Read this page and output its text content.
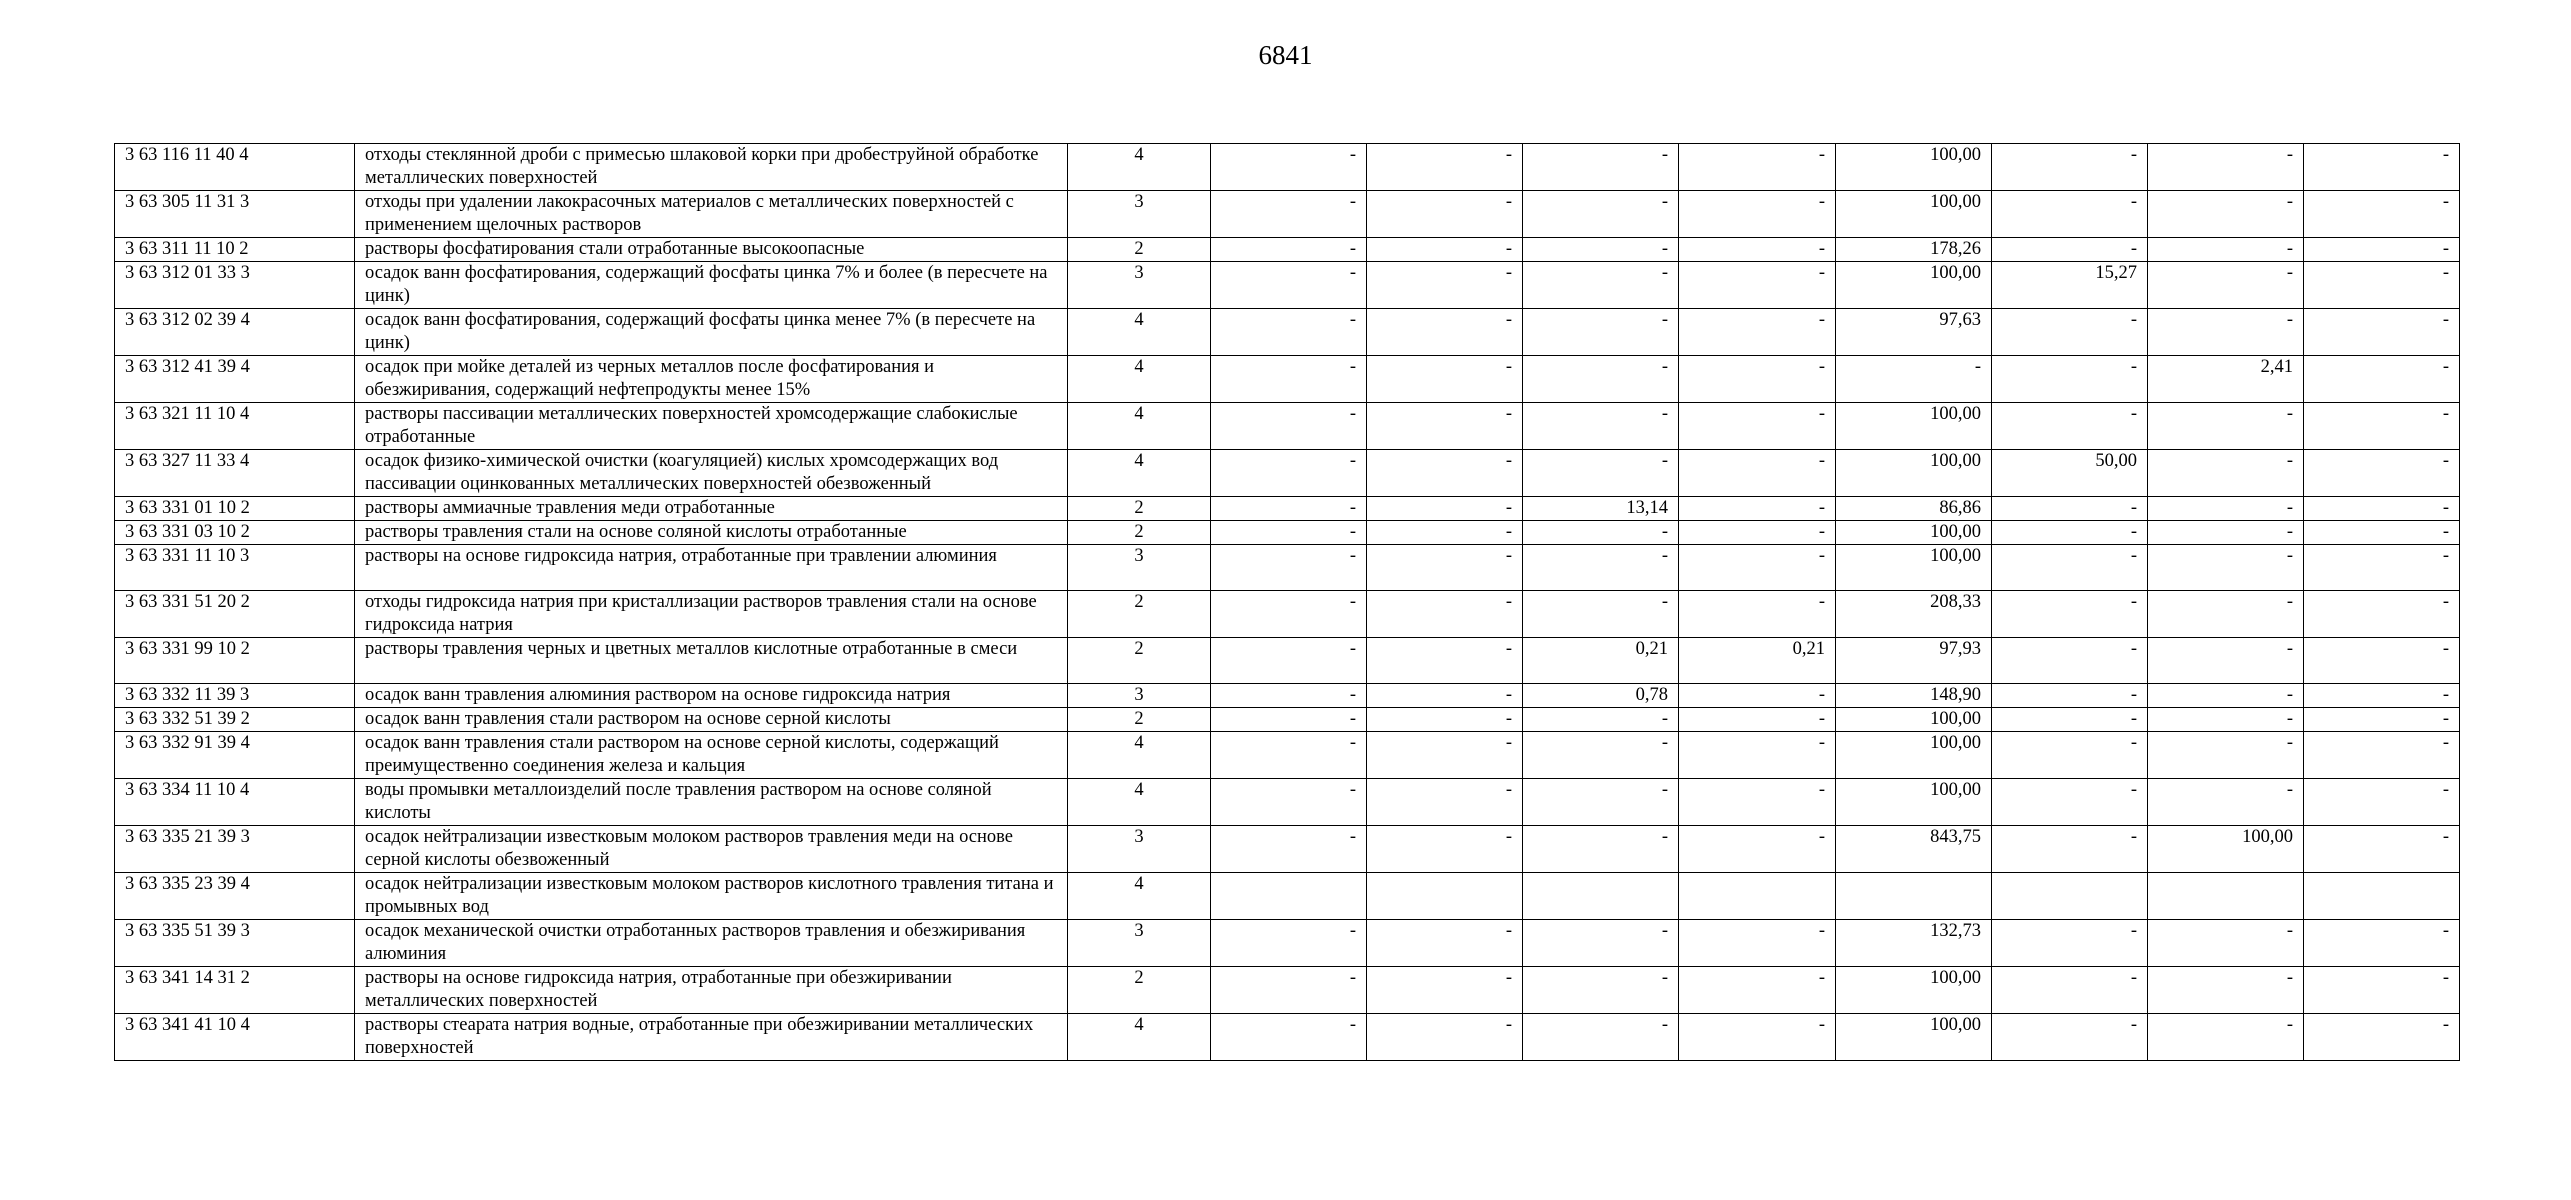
6841
3 63 116 11 40 4	отходы стеклянной дроби с примесью шлаковой корки при дробеструйной обработке металлических поверхностей	4	-	-	-	-	100,00	-	-	-
3 63 305 11 31 3	отходы при удалении лакокрасочных материалов с металлических поверхностей с применением щелочных растворов	3	-	-	-	-	100,00	-	-	-
3 63 311 11 10 2	растворы фосфатирования стали отработанные высокоопасные	2	-	-	-	-	178,26	-	-	-
3 63 312 01 33 3	осадок ванн фосфатирования, содержащий фосфаты цинка 7% и более (в пересчете на цинк)	3	-	-	-	-	100,00	15,27	-	-
3 63 312 02 39 4	осадок ванн фосфатирования, содержащий фосфаты цинка менее 7% (в пересчете на цинк)	4	-	-	-	-	97,63	-	-	-
3 63 312 41 39 4	осадок при мойке деталей из черных металлов после фосфатирования и обезжиривания, содержащий нефтепродукты менее 15%	4	-	-	-	-	-	-	2,41	-
3 63 321 11 10 4	растворы пассивации металлических поверхностей хромсодержащие слабокислые отработанные	4	-	-	-	-	100,00	-	-	-
3 63 327 11 33 4	осадок физико-химической очистки (коагуляцией) кислых хромсодержащих вод пассивации оцинкованных металлических поверхностей обезвоженный	4	-	-	-	-	100,00	50,00	-	-
3 63 331 01 10 2	растворы аммиачные травления меди отработанные	2	-	-	13,14	-	86,86	-	-	-
3 63 331 03 10 2	растворы травления стали на основе соляной кислоты отработанные	2	-	-	-	-	100,00	-	-	-
3 63 331 11 10 3	растворы на основе гидроксида натрия, отработанные при травлении алюминия	3	-	-	-	-	100,00	-	-	-
3 63 331 51 20 2	отходы гидроксида натрия при кристаллизации растворов травления стали на основе гидроксида натрия	2	-	-	-	-	208,33	-	-	-
3 63 331 99 10 2	растворы травления черных и цветных металлов кислотные отработанные в смеси	2	-	-	0,21	0,21	97,93	-	-	-
3 63 332 11 39 3	осадок ванн травления алюминия раствором на основе гидроксида натрия	3	-	-	0,78	-	148,90	-	-	-
3 63 332 51 39 2	осадок ванн травления стали раствором на основе серной кислоты	2	-	-	-	-	100,00	-	-	-
3 63 332 91 39 4	осадок ванн травления стали раствором на основе серной кислоты, содержащий преимущественно соединения железа и кальция	4	-	-	-	-	100,00	-	-	-
3 63 334 11 10 4	воды промывки металлоизделий после травления раствором на основе соляной кислоты	4	-	-	-	-	100,00	-	-	-
3 63 335 21 39 3	осадок нейтрализации известковым молоком растворов травления меди на основе серной кислоты обезвоженный	3	-	-	-	-	843,75	-	100,00	-
3 63 335 23 39 4	осадок нейтрализации известковым молоком растворов кислотного травления титана и промывных вод	4								
3 63 335 51 39 3	осадок механической очистки отработанных растворов травления и обезжиривания алюминия	3	-	-	-	-	132,73	-	-	-
3 63 341 14 31 2	растворы на основе гидроксида натрия, отработанные при обезжиривании металлических поверхностей	2	-	-	-	-	100,00	-	-	-
3 63 341 41 10 4	растворы стеарата натрия водные, отработанные при обезжиривании металлических поверхностей	4	-	-	-	-	100,00	-	-	-
